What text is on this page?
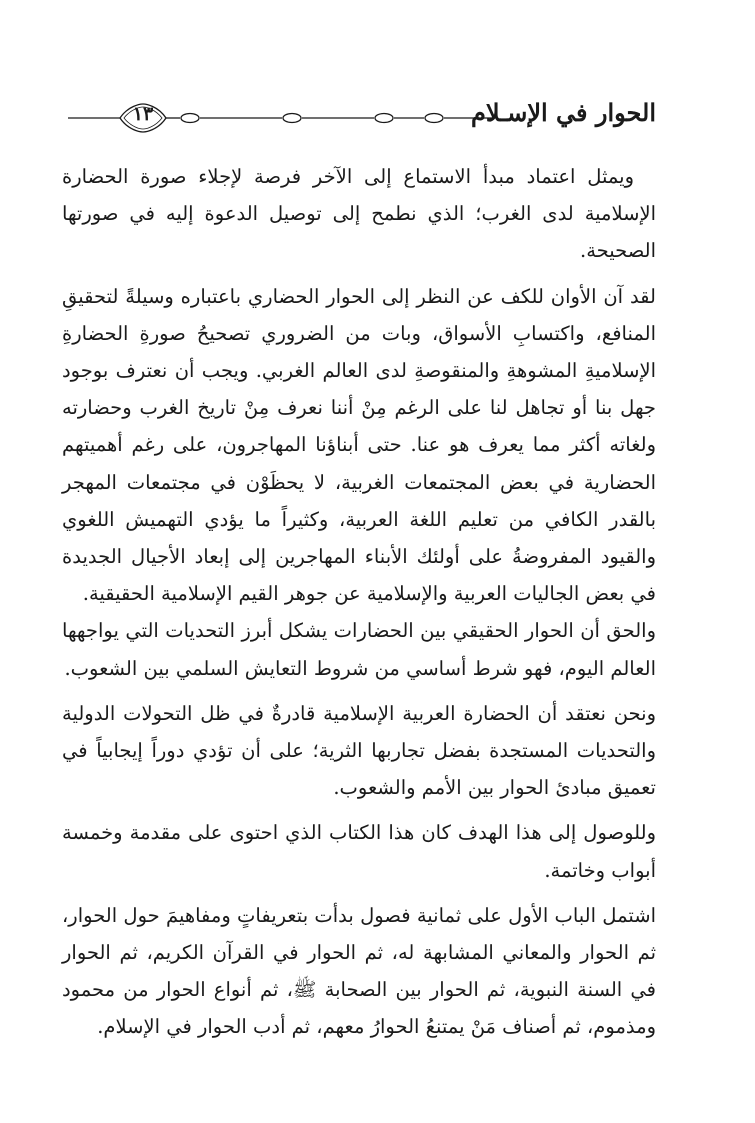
١٣	الحوار في الإسـلام

ويمثل اعتماد مبدأ الاستماع إلى الآخر فرصة لإجلاء صورة الحضارة الإسلامية لدى الغرب؛ الذي نطمح إلى توصيل الدعوة إليه في صورتها الصحيحة.

لقد آن الأوان للكف عن النظر إلى الحوار الحضاري باعتباره وسيلةً لتحقيقِ المنافع، واكتسابِ الأسواق، وبات من الضروري تصحيحُ صورةِ الحضارةِ الإسلاميةِ المشوهةِ والمنقوصةِ لدى العالم الغربي. ويجب أن نعترف بوجود جهل بنا أو تجاهل لنا على الرغم مِنْ أننا نعرف مِنْ تاريخ الغرب وحضارته ولغاته أكثر مما يعرف هو عنا. حتى أبناؤنا المهاجرون، على رغم أهميتهم الحضارية في بعض المجتمعات الغربية، لا يحظَوْن في مجتمعات المهجر بالقدر الكافي من تعليم اللغة العربية، وكثيراً ما يؤدي التهميش اللغوي والقيود المفروضةُ على أولئك الأبناء المهاجرين إلى إبعاد الأجيال الجديدة في بعض الجاليات العربية والإسلامية عن جوهر القيم الإسلامية الحقيقية.

والحق أن الحوار الحقيقي بين الحضارات يشكل أبرز التحديات التي يواجهها العالم اليوم، فهو شرط أساسي من شروط التعايش السلمي بين الشعوب.

ونحن نعتقد أن الحضارة العربية الإسلامية قادرةٌ في ظل التحولات الدولية والتحديات المستجدة بفضل تجاربها الثرية؛ على أن تؤدي دوراً إيجابياً في تعميق مبادئ الحوار بين الأمم والشعوب.

وللوصول إلى هذا الهدف كان هذا الكتاب الذي احتوى على مقدمة وخمسة أبواب وخاتمة.

اشتمل الباب الأول على ثمانية فصول بدأت بتعريفاتٍ ومفاهيمَ حول الحوار، ثم الحوار والمعاني المشابهة له، ثم الحوار في القرآن الكريم، ثم الحوار في السنة النبوية، ثم الحوار بين الصحابة ﷺ، ثم أنواع الحوار من محمود ومذموم، ثم أصناف مَنْ يمتنعُ الحوارُ معهم، ثم أدب الحوار في الإسلام.
